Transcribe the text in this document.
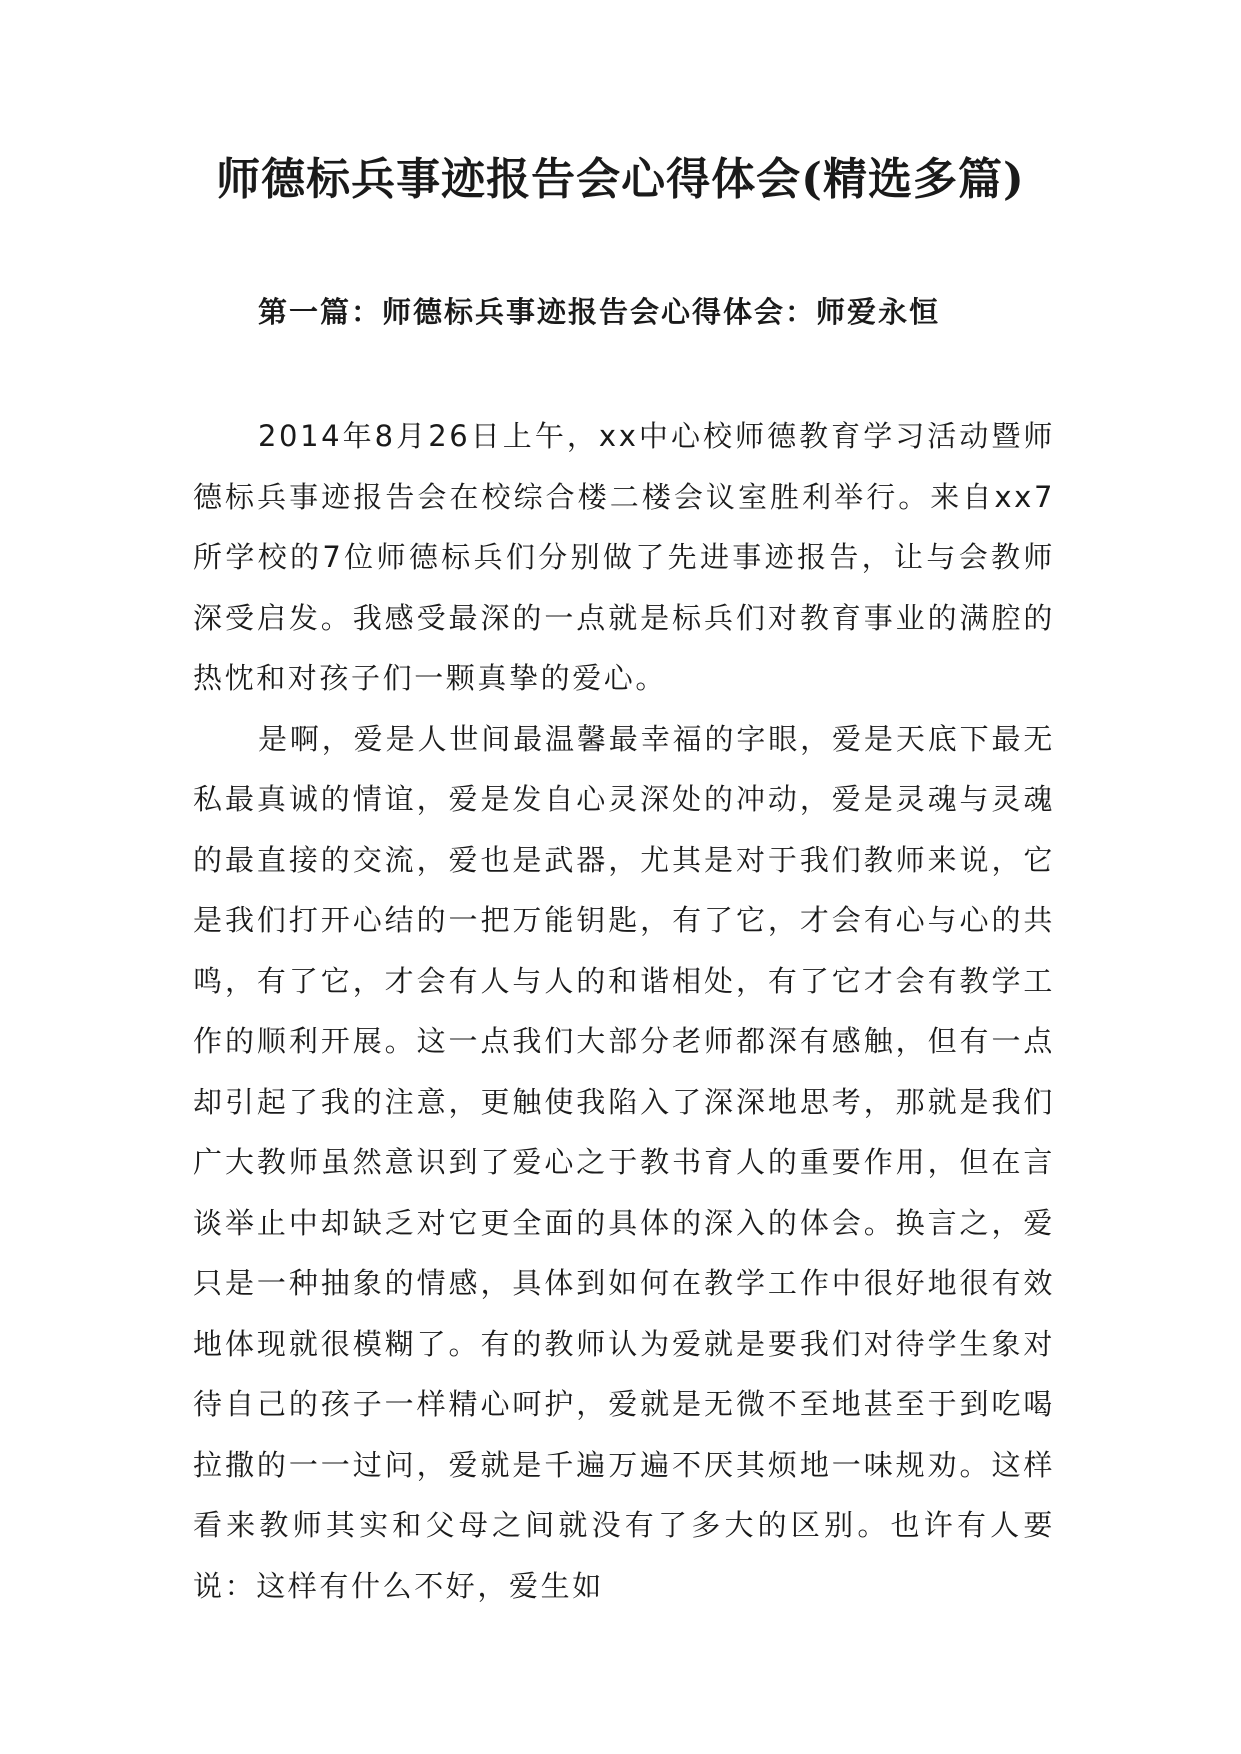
师德标兵事迹报告会心得体会(精选多篇)
第一篇：师德标兵事迹报告会心得体会：师爱永恒

2014年8月26日上午，xx中心校师德教育学习活动暨师德标兵事迹报告会在校综合楼二楼会议室胜利举行。来自xx7所学校的7位师德标兵们分别做了先进事迹报告，让与会教师深受启发。我感受最深的一点就是标兵们对教育事业的满腔的热忱和对孩子们一颗真挚的爱心。

是啊，爱是人世间最温馨最幸福的字眼，爱是天底下最无私最真诚的情谊，爱是发自心灵深处的冲动，爱是灵魂与灵魂的最直接的交流，爱也是武器，尤其是对于我们教师来说，它是我们打开心结的一把万能钥匙，有了它，才会有心与心的共鸣，有了它，才会有人与人的和谐相处，有了它才会有教学工作的顺利开展。这一点我们大部分老师都深有感触，但有一点却引起了我的注意，更触使我陷入了深深地思考，那就是我们广大教师虽然意识到了爱心之于教书育人的重要作用，但在言谈举止中却缺乏对它更全面的具体的深入的体会。换言之，爱只是一种抽象的情感，具体到如何在教学工作中很好地很有效地体现就很模糊了。有的教师认为爱就是要我们对待学生象对待自己的孩子一样精心呵护，爱就是无微不至地甚至于到吃喝拉撒的一一过问，爱就是千遍万遍不厌其烦地一味规劝。这样看来教师其实和父母之间就没有了多大的区别。也许有人要说：这样有什么不好，爱生如
